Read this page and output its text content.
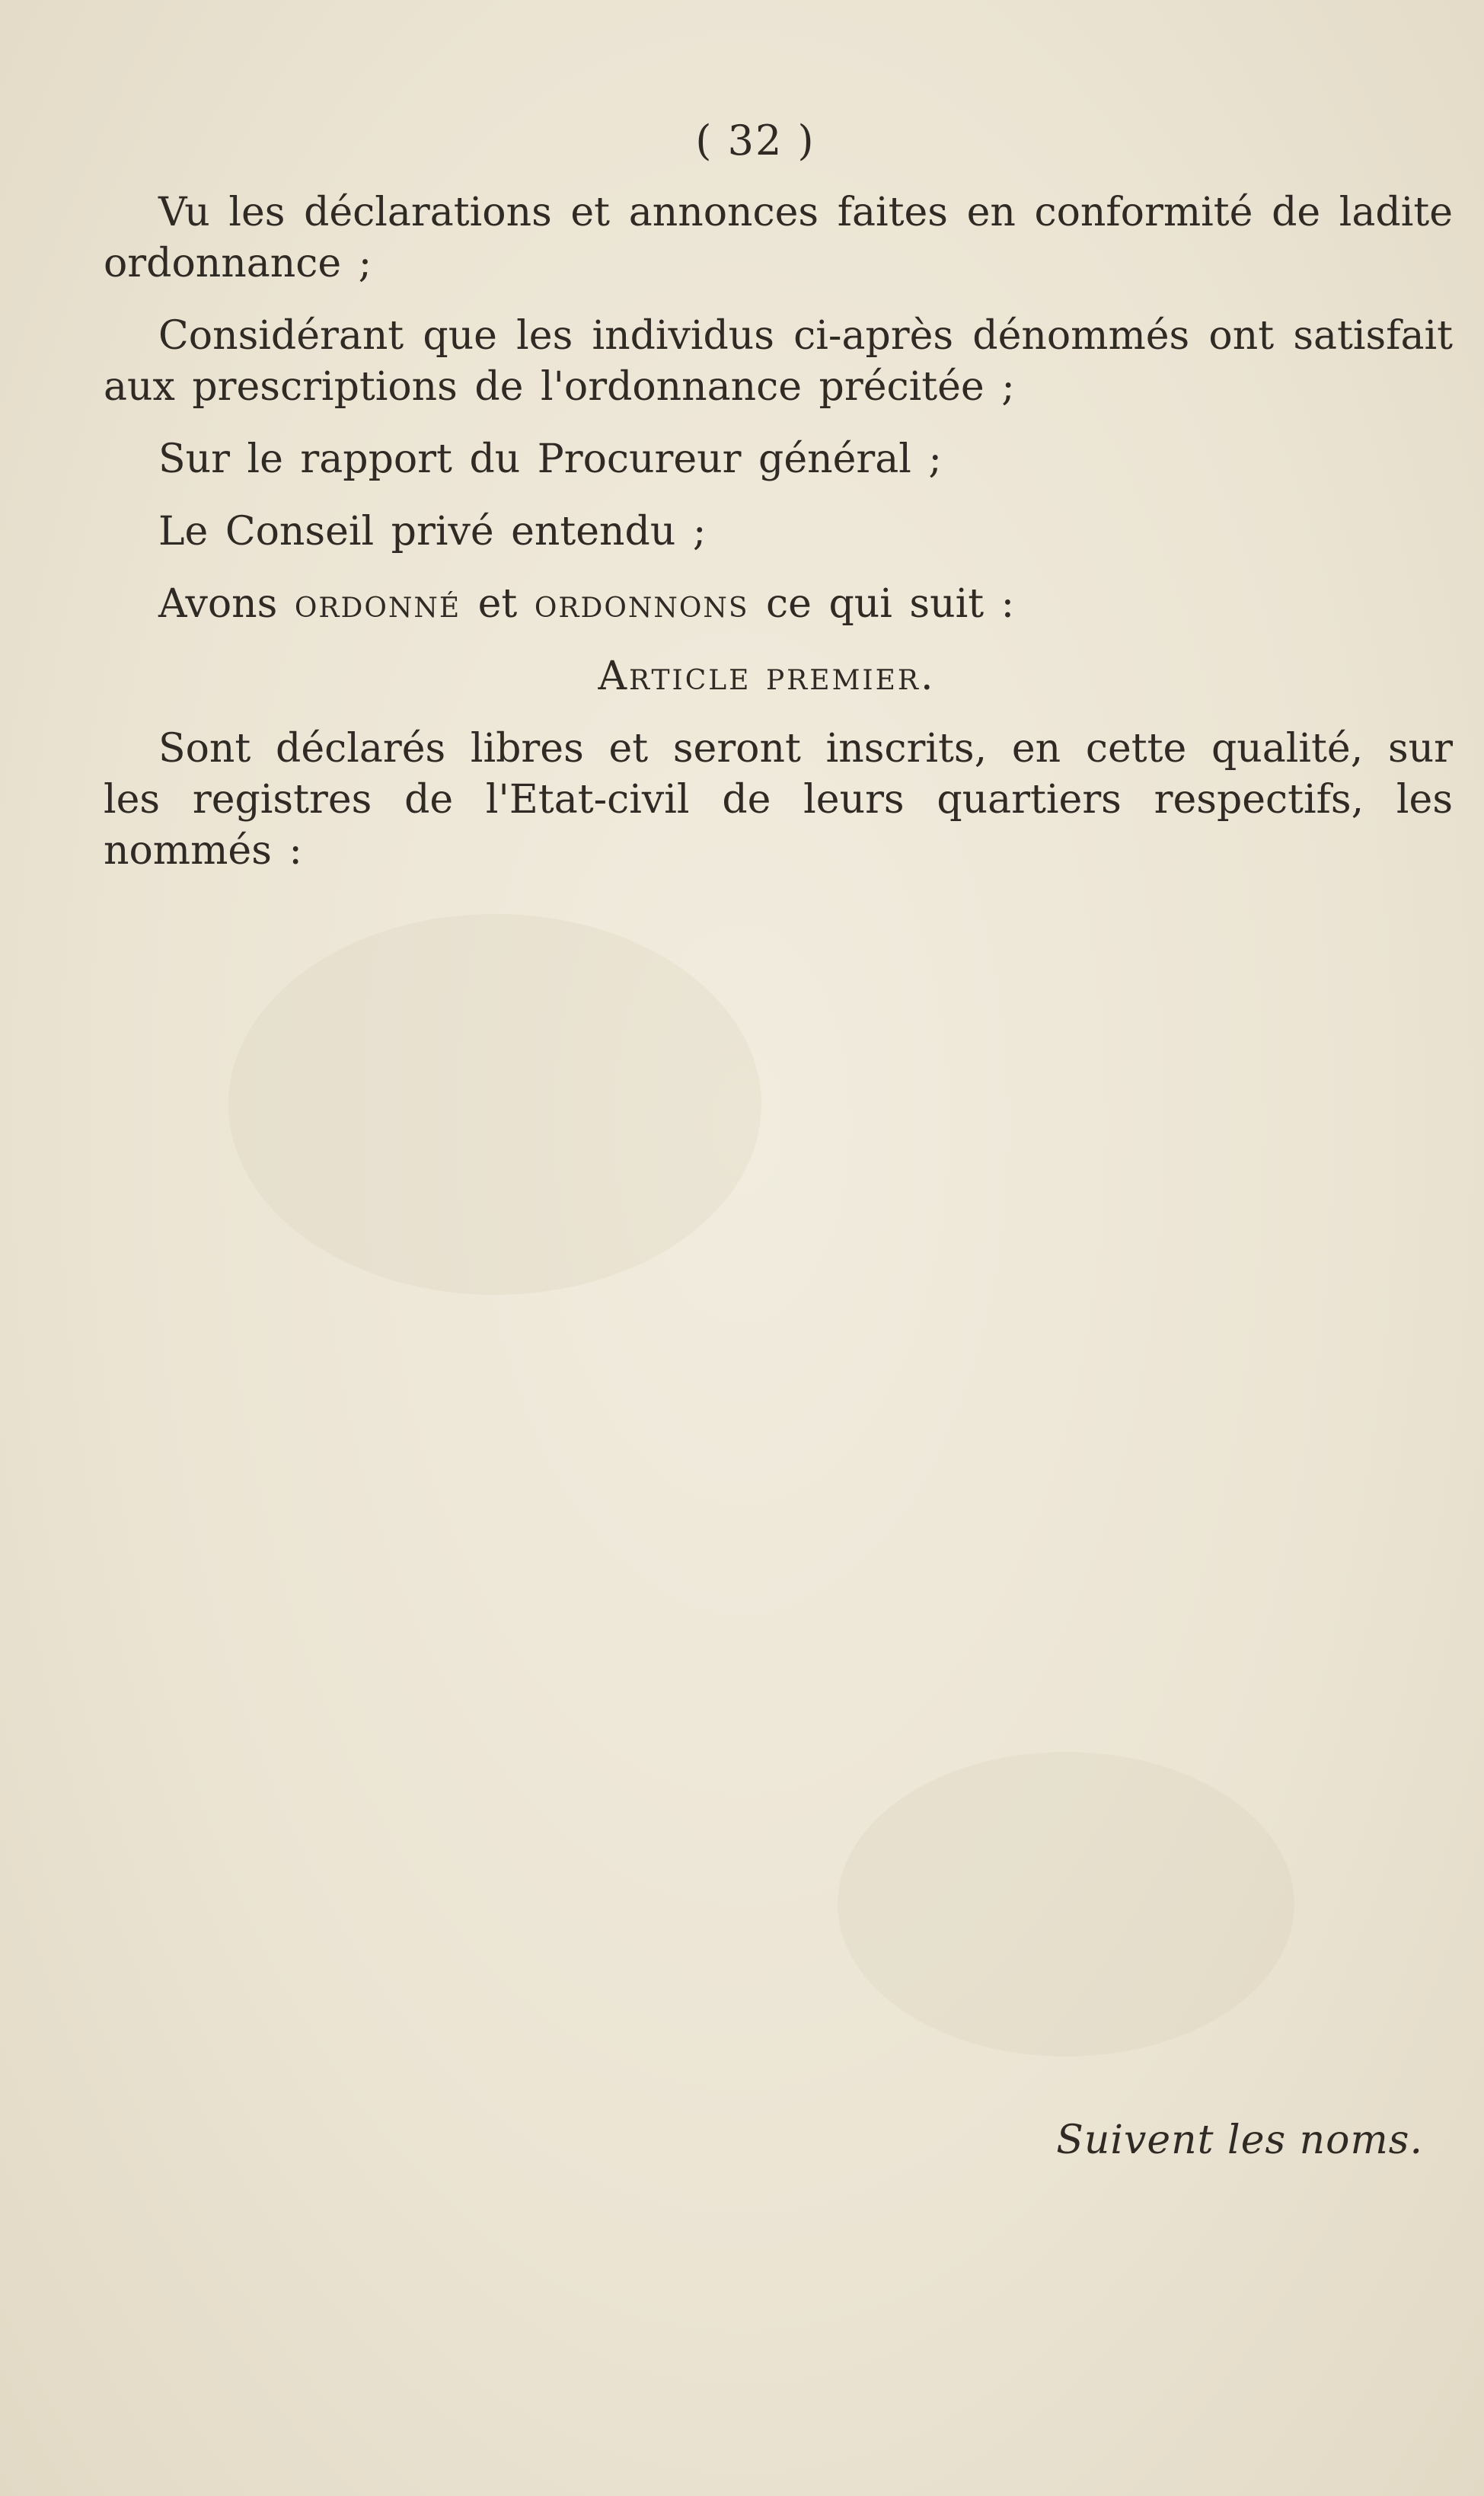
( 32 )

Vu les déclarations et annonces faites en conformité de ladite ordonnance ;

Considérant que les individus ci-après dénommés ont satisfait aux prescriptions de l'ordonnance précitée ;

Sur le rapport du Procureur général ;

Le Conseil privé entendu ;

Avons ordonné et ordonnons ce qui suit :

Article premier.

Sont déclarés libres et seront inscrits, en cette qualité, sur les registres de l'Etat-civil de leurs quartiers respectifs, les nommés :

Suivent les noms.
